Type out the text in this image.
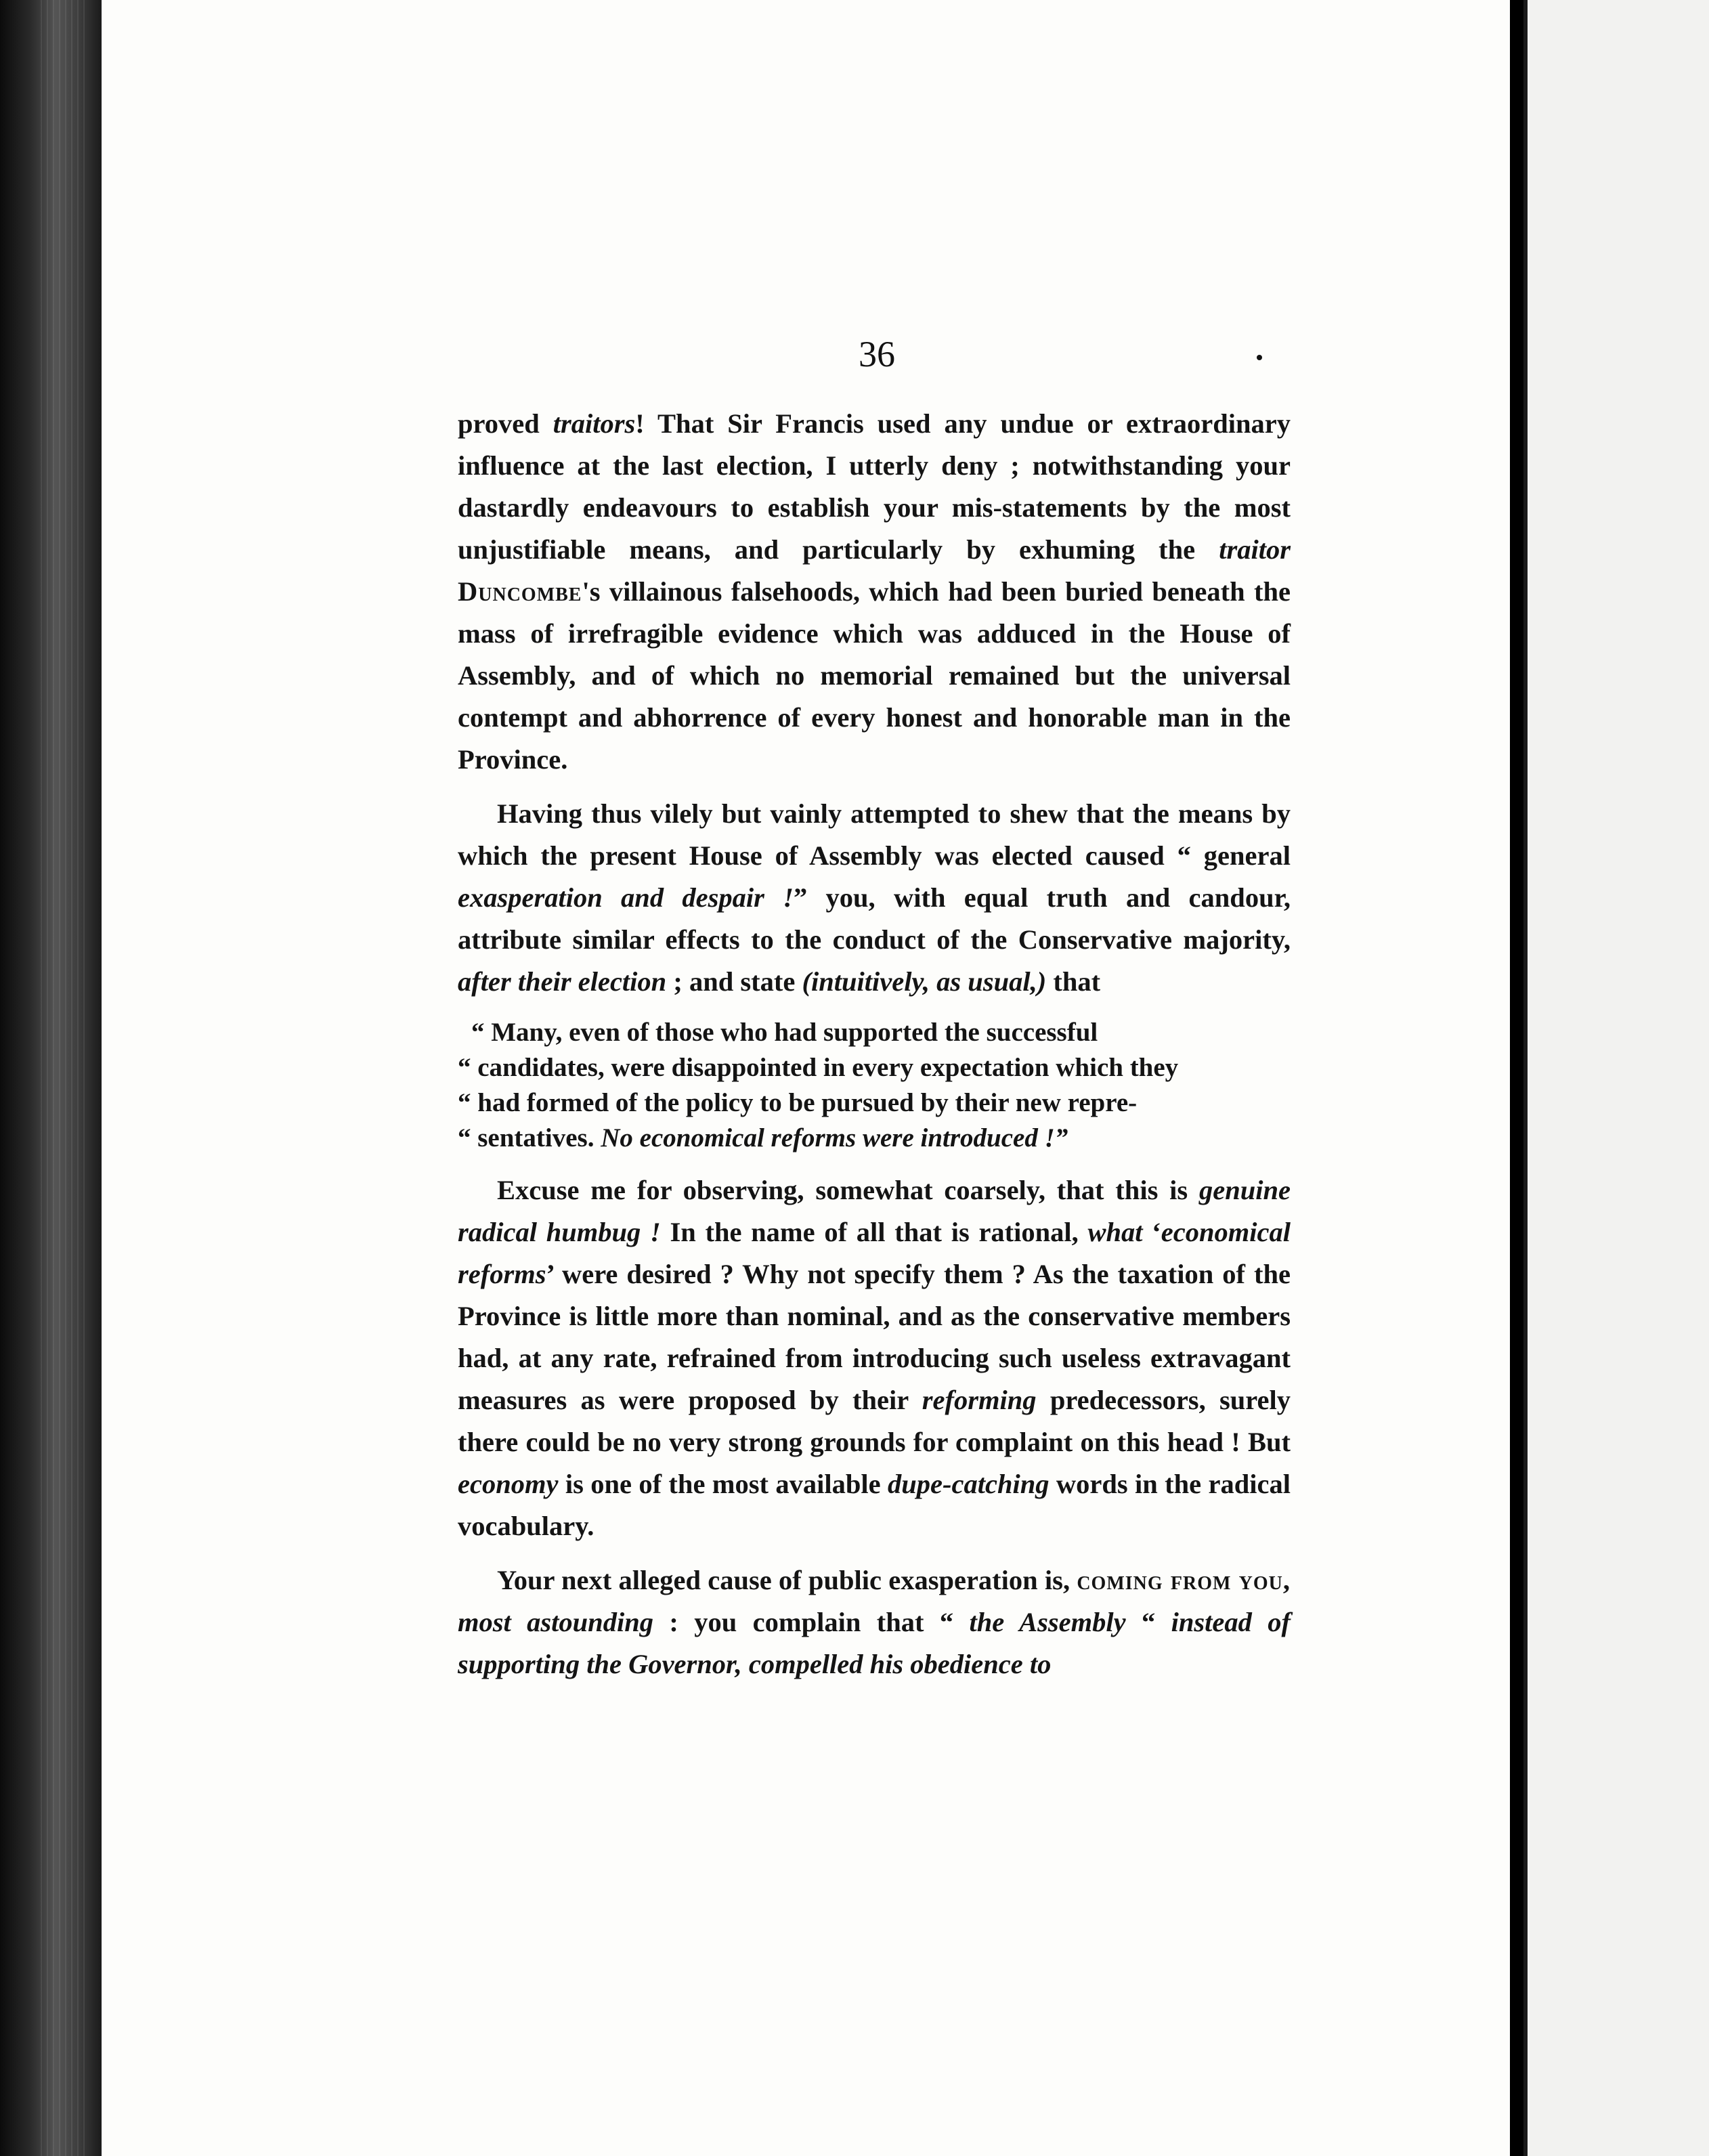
36

proved traitors! That Sir Francis used any undue or extraordinary influence at the last election, I utterly deny ; notwithstanding your dastardly endeavours to establish your mis-statements by the most unjustifiable means, and particularly by exhuming the traitor Duncombe's villainous falsehoods, which had been buried beneath the mass of irrefragible evidence which was adduced in the House of Assembly, and of which no memorial remained but the universal contempt and abhorrence of every honest and honorable man in the Province.

Having thus vilely but vainly attempted to shew that the means by which the present House of Assembly was elected caused “ general exasperation and despair !” you, with equal truth and candour, attribute similar effects to the conduct of the Conservative majority, after their election ; and state (intuitively, as usual,) that

“ Many, even of those who had supported the successful
“ candidates, were disappointed in every expectation which they
“ had formed of the policy to be pursued by their new repre-
“ sentatives. No economical reforms were introduced !”

Excuse me for observing, somewhat coarsely, that this is genuine radical humbug ! In the name of all that is rational, what ‘economical reforms’ were desired ? Why not specify them ? As the taxation of the Province is little more than nominal, and as the conservative members had, at any rate, refrained from introducing such useless extravagant measures as were proposed by their reforming predecessors, surely there could be no very strong grounds for complaint on this head ! But economy is one of the most available dupe-catching words in the radical vocabulary.

Your next alleged cause of public exasperation is, coming from you, most astounding : you complain that “ the Assembly “ instead of supporting the Governor, compelled his obedience to
